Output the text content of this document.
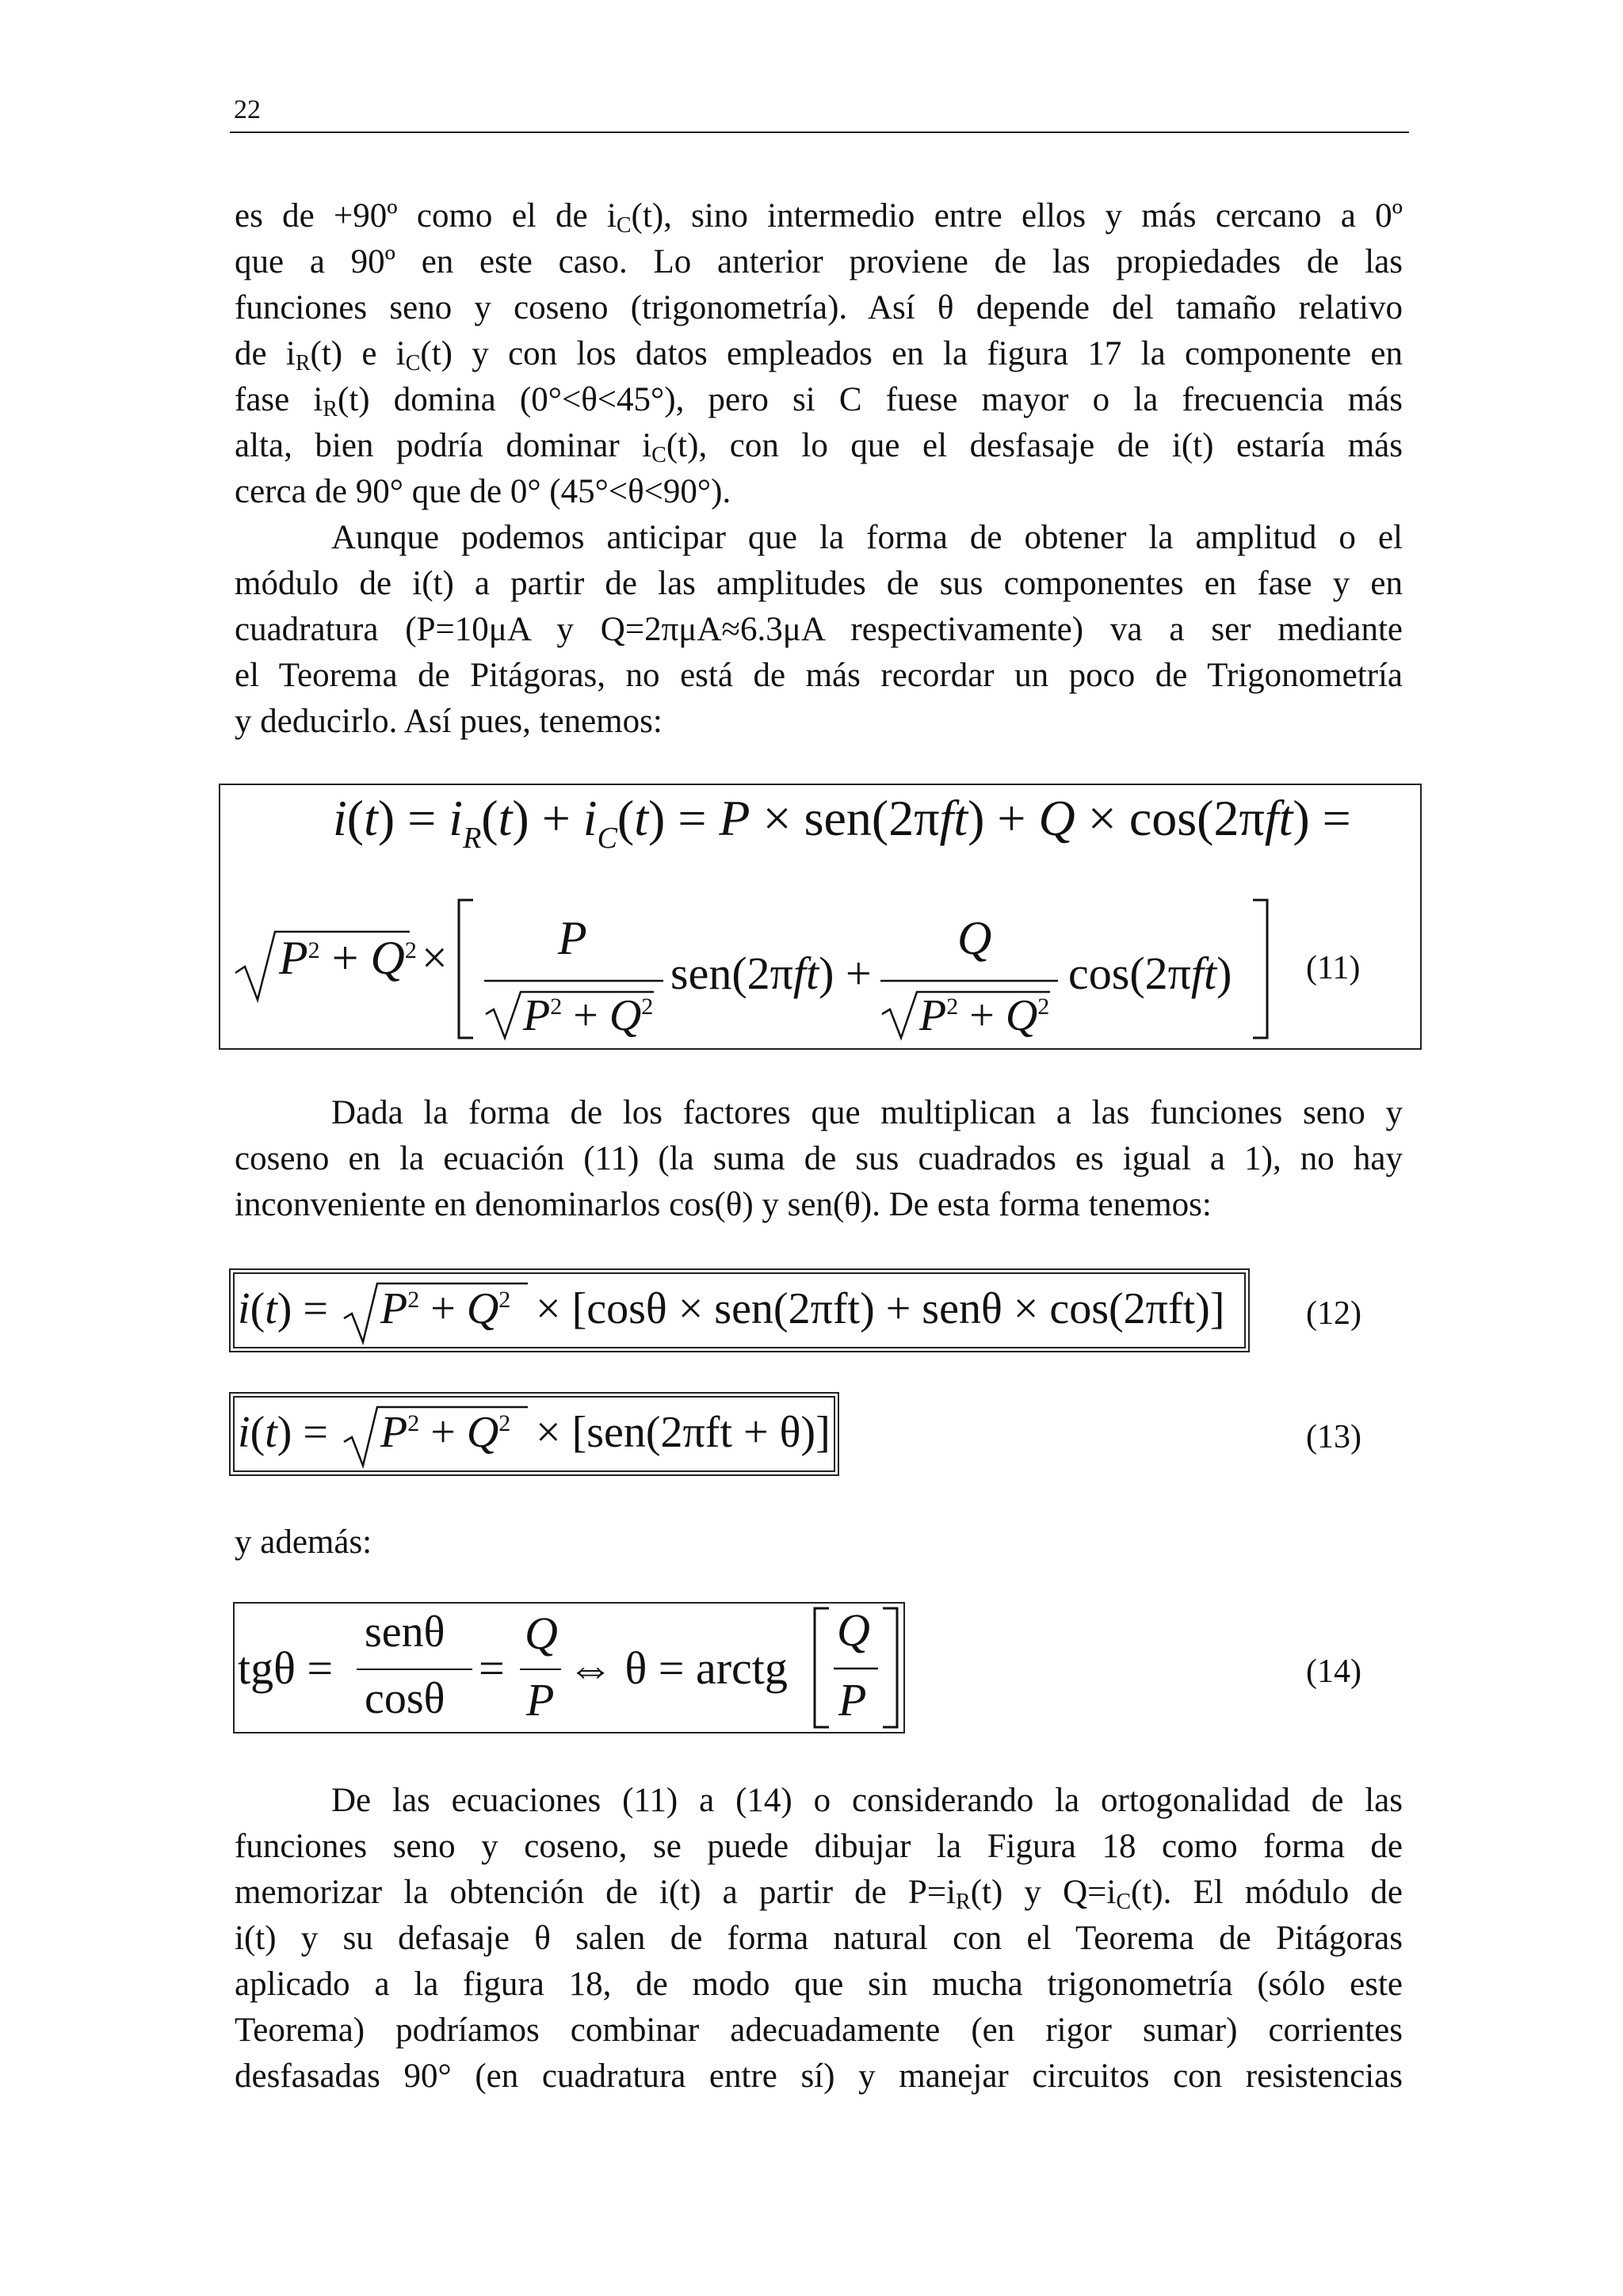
22
es de +90º como el de $i_C(t)$, sino intermedio entre ellos y más cercano a 0º
que a 90º en este caso. Lo anterior proviene de las propiedades de las
funciones seno y coseno (trigonometría). Así θ depende del tamaño relativo
de $i_R(t)$ e $i_C(t)$ y con los datos empleados en la figura 17 la componente en
fase $i_R(t)$ domina (0°<θ<45°), pero si C fuese mayor o la frecuencia más
alta, bien podría dominar $i_C(t)$, con lo que el desfasaje de i(t) estaría más
cerca de 90° que de 0° (45°<θ<90°).
Aunque podemos anticipar que la forma de obtener la amplitud o el
módulo de i(t) a partir de las amplitudes de sus componentes en fase y en
cuadratura (P=10μA y Q=2πμA≈6.3μA respectivamente) va a ser mediante
el Teorema de Pitágoras, no está de más recordar un poco de Trigonometría
y deducirlo. Así pues, tenemos:
$i(t) = i_R(t) + i_C(t) = P \times sen(2\pi ft) + Q \times \cos(2\pi ft)$ =
$P^2 + Q^2 \times P$
$P^2 + Q^2$
sen(2πft) +
Q
$P^2 + Q^2$
cos(2πft) (11)
Dada la forma de los factores que multiplican a las funciones seno y
coseno en la ecuación (11) (la suma de sus cuadrados es igual a 1), no hay
inconveniente en denominarlos cos(θ) y sen(θ). De esta forma tenemos:
$i(t) = P^2 + Q^2 \times [\cos\theta \times sen(2\pi ft) + sen\theta \times \cos(2\pi ft)]$ (12)
$i(t) = P^2 + Q^2 \times [sen(2\pi ft + \theta)]$	(13)
y además:
tgθ =
senθ
cosθ
=
Q
P
⇔ θ = arctg
Q
P
(14)
De las ecuaciones (11) a (14) o considerando la ortogonalidad de las
funciones seno y coseno, se puede dibujar la Figura 18 como forma de
memorizar la obtención de i(t) a partir de $P=i_R(t)$ y $Q=i_C(t)$. El módulo de
i(t) y su defasaje θ salen de forma natural con el Teorema de Pitágoras
aplicado a la figura 18, de modo que sin mucha trigonometría (sólo este
Teorema) podríamos combinar adecuadamente (en rigor sumar) corrientes
desfasadas 90° (en cuadratura entre sí) y manejar circuitos con resistencias
